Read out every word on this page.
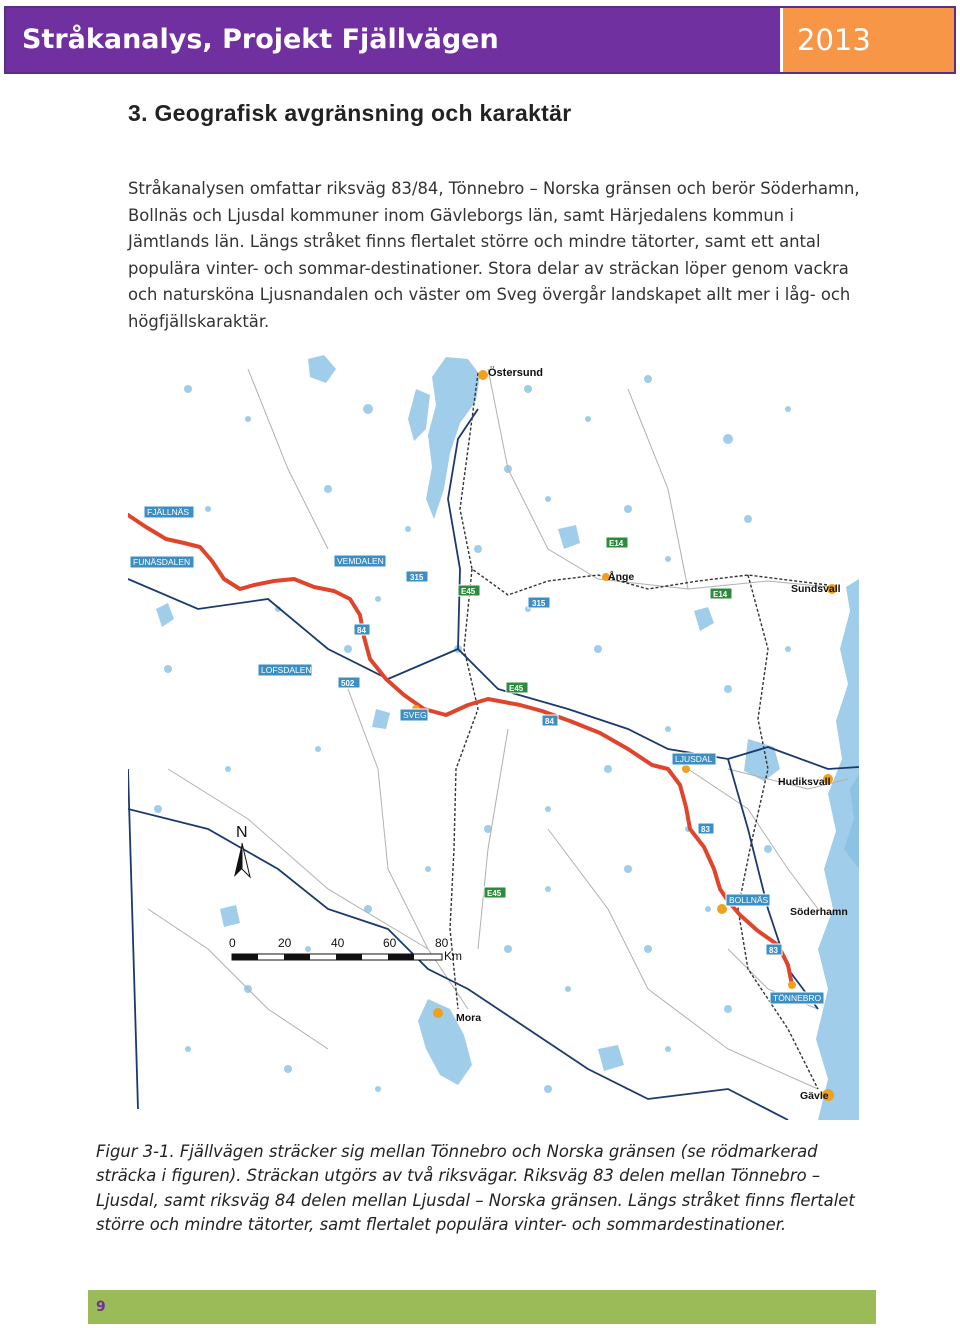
Stråkanalys, Projekt Fjällvägen	2013
3. Geografisk avgränsning och karaktär
Stråkanalysen omfattar riksväg 83/84, Tönnebro – Norska gränsen och berör Söderhamn, Bollnäs och Ljusdal kommuner inom Gävleborgs län, samt Härjedalens kommun i Jämtlands län. Längs stråket finns flertalet större och mindre tätorter, samt ett antal populära vinter- och sommar-destinationer. Stora delar av sträckan löper genom vackra och natursköna Ljusnandalen och väster om Sveg övergår landskapet allt mer i låg- och högfjällskaraktär.
Östersund
Ånge
Sundsvall
Hudiksvall
Söderhamn
Mora
Gävle
FJÄLLNÄS
FUNÄSDALEN	VEMDALEN
LOFSDALEN
SVEG
LJUSDAL
BOLLNÄS
TÖNNEBRO
E14
E14
315
315
E45
E45
E45
84
84
502
83
83
N
0	20	40	60	80
Km

Figur 3-1. Fjällvägen sträcker sig mellan Tönnebro och Norska gränsen (se rödmarkerad sträcka i figuren). Sträckan utgörs av två riksvägar. Riksväg 83 delen mellan Tönnebro – Ljusdal, samt riksväg 84 delen mellan Ljusdal – Norska gränsen. Längs stråket finns flertalet större och mindre tätorter, samt flertalet populära vinter- och sommardestinationer.

9
